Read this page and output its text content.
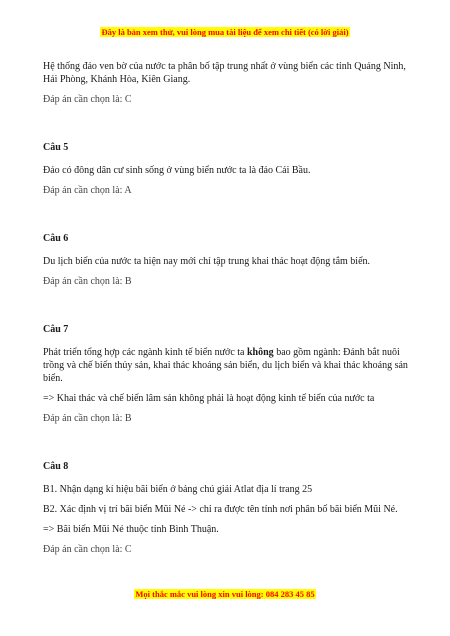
Đây là bản xem thử, vui lòng mua tài liệu để xem chi tiết (có lời giải)

Hệ thống đảo ven bờ của nước ta phân bố tập trung nhất ở vùng biển các tỉnh Quảng Ninh, Hải Phòng, Khánh Hòa, Kiên Giang.

Đáp án cần chọn là: C

Câu 5

Đảo có đông dân cư sinh sống ở vùng biển nước ta là đảo Cái Bầu.

Đáp án cần chọn là: A

Câu 6

Du lịch biển của nước ta hiện nay mới chỉ tập trung khai thác hoạt động tắm biển.

Đáp án cần chọn là: B

Câu 7

Phát triển tổng hợp các ngành kinh tế biển nước ta không bao gồm ngành: Đánh bắt nuôi trồng và chế biến thủy sản, khai thác khoáng sản biển, du lịch biển và khai thác khoáng sản biển.

=> Khai thác và chế biến lâm sản không phải là hoạt động kinh tế biển của nước ta

Đáp án cần chọn là: B

Câu 8

B1. Nhận dạng kí hiệu bãi biển ở bảng chú giải Atlat địa lí trang 25

B2. Xác định vị trí bãi biển Mũi Né -> chỉ ra được tên tỉnh nơi phân bố bãi biển Mũi Né.

=> Bãi biển Mũi Né thuộc tỉnh Bình Thuận.

Đáp án cần chọn là: C

Mọi thắc mắc vui lòng xin vui lòng: 084 283 45 85
